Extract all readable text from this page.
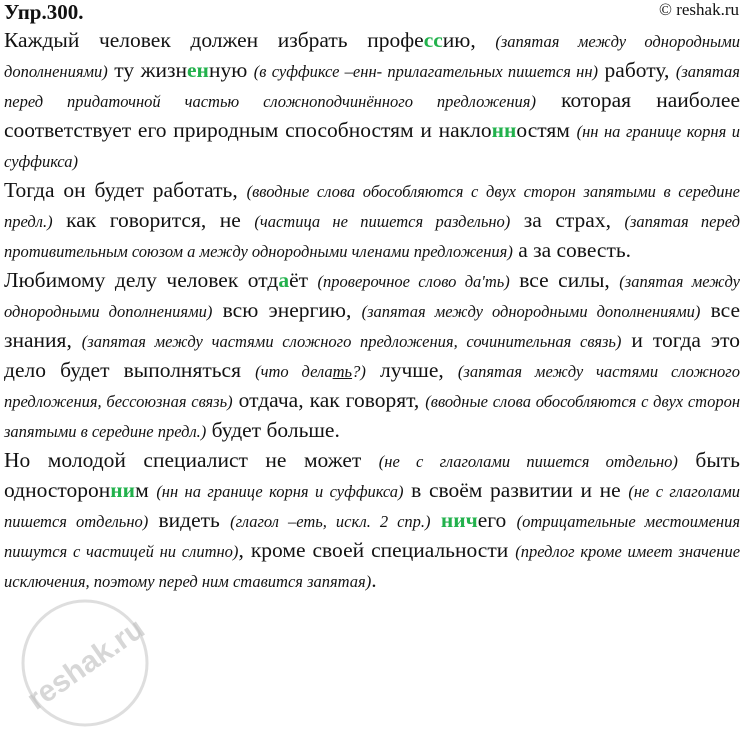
Упр.300.	© reshak.ru

Каждый человек должен избрать профессию, (запятая между однородными дополнениями) ту жизненную (в суффиксе –енн- прилагательных пишется нн) работу, (запятая перед придаточной частью сложноподчинённого предложения) которая наиболее соответствует его природным способностям и наклонностям (нн на границе корня и суффикса)

Тогда он будет работать, (вводные слова обособляются с двух сторон запятыми в середине предл.) как говорится, не (частица не пишется раздельно) за страх, (запятая перед противительным союзом а между однородными членами предложения) а за совесть.

Любимому делу человек отдаёт (проверочное слово да'ть) все силы, (запятая между однородными дополнениями) всю энергию, (запятая между однородными дополнениями) все знания, (запятая между частями сложного предложения, сочинительная связь) и тогда это дело будет выполняться (что делать?) лучше, (запятая между частями сложного предложения, бессоюзная связь) отдача, как говорят, (вводные слова обособляются с двух сторон запятыми в середине предл.) будет больше.

Но молодой специалист не может (не с глаголами пишется отдельно) быть односторонним (нн на границе корня и суффикса) в своём развитии и не (не с глаголами пишется отдельно) видеть (глагол –еть, искл. 2 спр.) ничего (отрицательные местоимения пишутся с частицей ни слитно), кроме своей специальности (предлог кроме имеет значение исключения, поэтому перед ним ставится запятая).

reshak.ru
